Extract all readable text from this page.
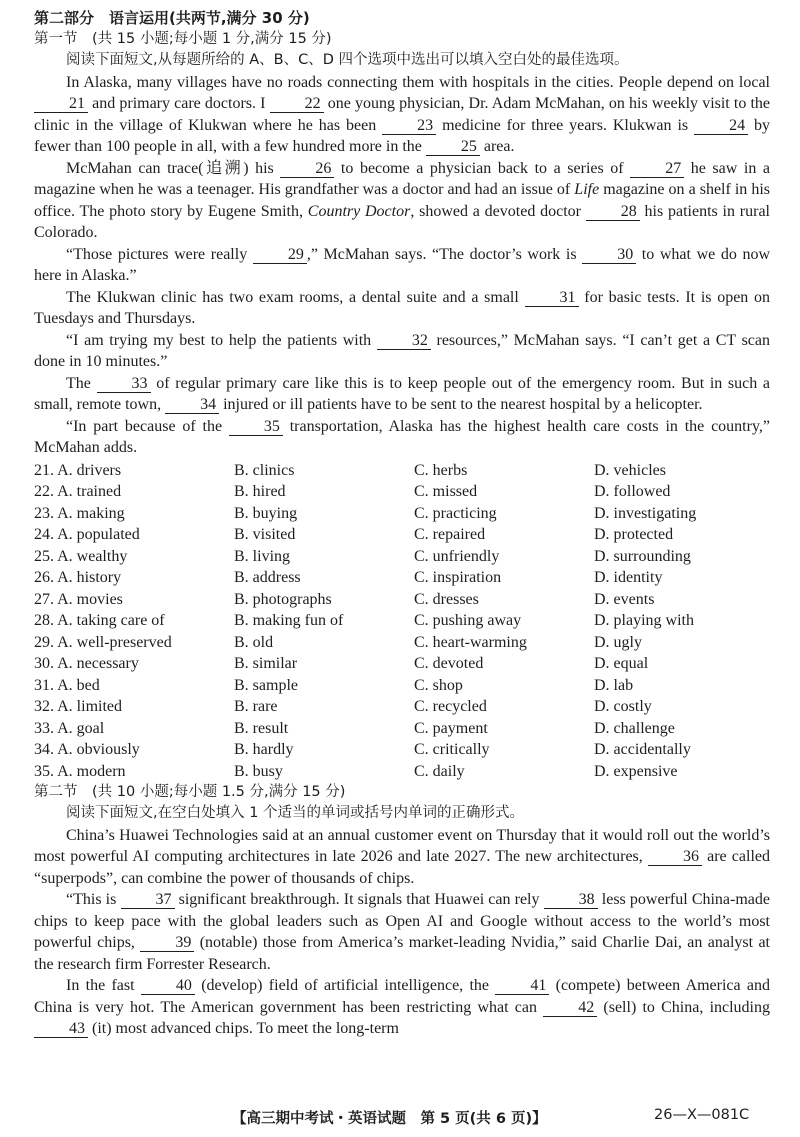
第二部分　语言运用(共两节,满分 30 分)
第一节　(共 15 小题;每小题 1 分,满分 15 分)

阅读下面短文,从每题所给的 A、B、C、D 四个选项中选出可以填入空白处的最佳选项。

In Alaska, many villages have no roads connecting them with hospitals in the cities. People depend on local 21 and primary care doctors. I 22 one young physician, Dr. Adam McMahan, on his weekly visit to the clinic in the village of Klukwan where he has been 23 medicine for three years. Klukwan is 24 by fewer than 100 people in all, with a few hundred more in the 25 area.

McMahan can trace(追溯) his 26 to become a physician back to a series of 27 he saw in a magazine when he was a teenager. His grandfather was a doctor and had an issue of Life magazine on a shelf in his office. The photo story by Eugene Smith, Country Doctor, showed a devoted doctor 28 his patients in rural Colorado.

“Those pictures were really 29 ,” McMahan says. “The doctor’s work is 30 to what we do now here in Alaska.”

The Klukwan clinic has two exam rooms, a dental suite and a small 31 for basic tests. It is open on Tuesdays and Thursdays.

“I am trying my best to help the patients with 32 resources,” McMahan says. “I can’t get a CT scan done in 10 minutes.”

The 33 of regular primary care like this is to keep people out of the emergency room. But in such a small, remote town, 34 injured or ill patients have to be sent to the nearest hospital by a helicopter.

“In part because of the 35 transportation, Alaska has the highest health care costs in the country,” McMahan adds.

21. A. drivers	B. clinics	C. herbs	D. vehicles
22. A. trained	B. hired	C. missed	D. followed
23. A. making	B. buying	C. practicing	D. investigating
24. A. populated	B. visited	C. repaired	D. protected
25. A. wealthy	B. living	C. unfriendly	D. surrounding
26. A. history	B. address	C. inspiration	D. identity
27. A. movies	B. photographs	C. dresses	D. events
28. A. taking care of	B. making fun of	C. pushing away	D. playing with
29. A. well-preserved	B. old	C. heart-warming	D. ugly
30. A. necessary	B. similar	C. devoted	D. equal
31. A. bed	B. sample	C. shop	D. lab
32. A. limited	B. rare	C. recycled	D. costly
33. A. goal	B. result	C. payment	D. challenge
34. A. obviously	B. hardly	C. critically	D. accidentally
35. A. modern	B. busy	C. daily	D. expensive
第二节　(共 10 小题;每小题 1.5 分,满分 15 分)

阅读下面短文,在空白处填入 1 个适当的单词或括号内单词的正确形式。

China’s Huawei Technologies said at an annual customer event on Thursday that it would roll out the world’s most powerful AI computing architectures in late 2026 and late 2027. The new architectures, 36 are called “superpods”, can combine the power of thousands of chips.

“This is 37 significant breakthrough. It signals that Huawei can rely 38 less powerful China-made chips to keep pace with the global leaders such as Open AI and Google without access to the world’s most powerful chips, 39 (notable) those from America’s market-leading Nvidia,” said Charlie Dai, an analyst at the research firm Forrester Research.

In the fast 40 (develop) field of artificial intelligence, the 41 (compete) between America and China is very hot. The American government has been restricting what can 42 (sell) to China, including 43 (it) most advanced chips. To meet the long-term

【高三期中考试・英语试题　第 5 页(共 6 页)】	26—X—081C
